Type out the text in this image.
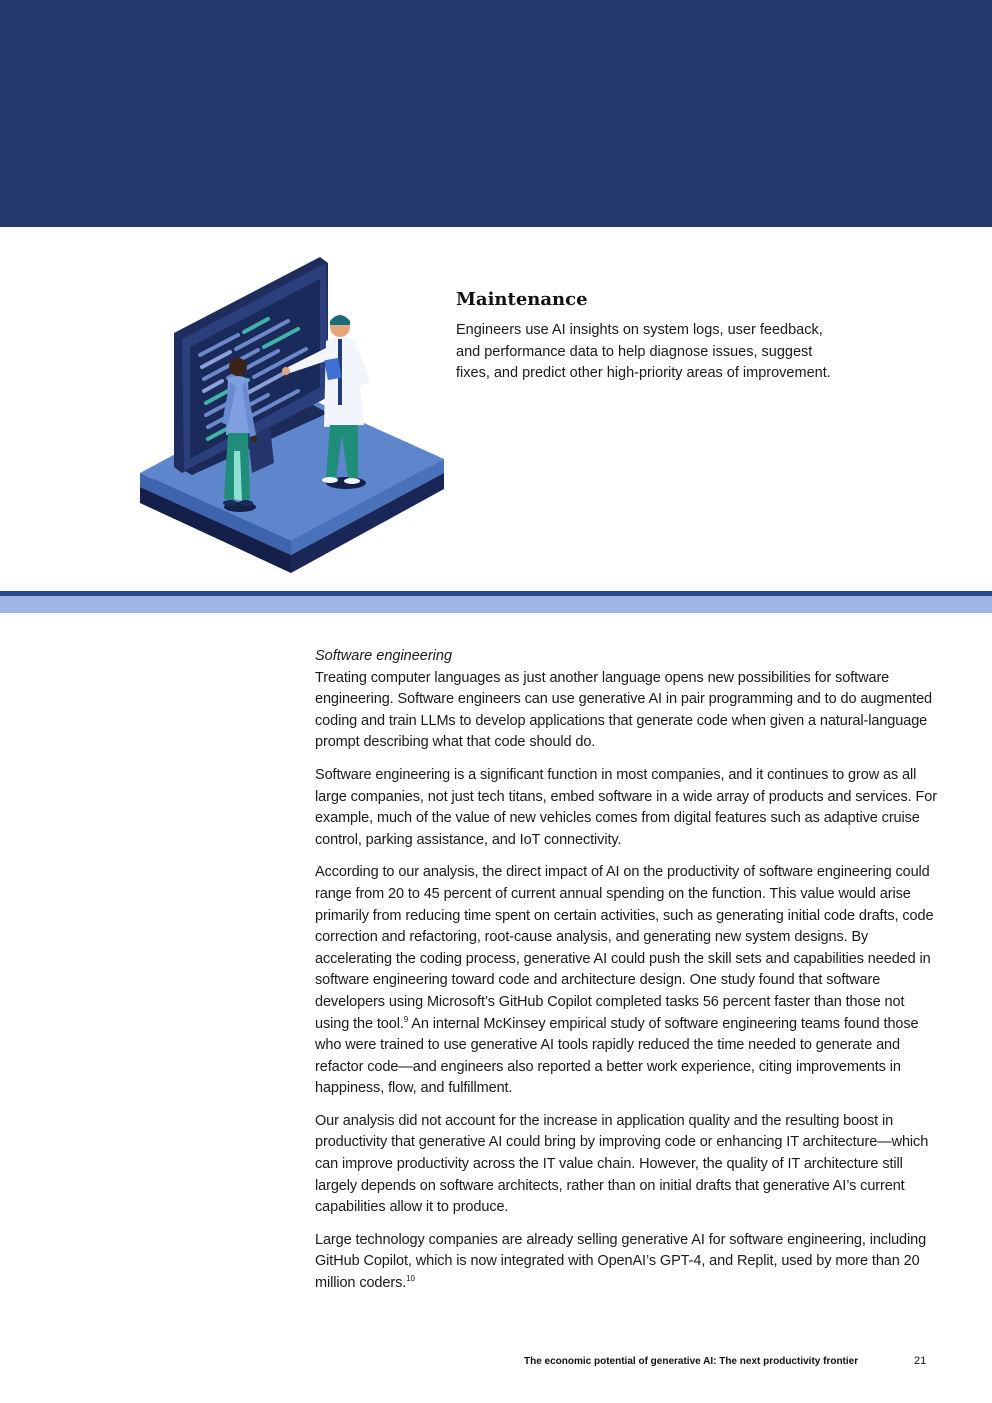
Maintenance

Engineers use AI insights on system logs, user feedback, and performance data to help diagnose issues, suggest fixes, and predict other high-priority areas of improvement.

Software engineering

Treating computer languages as just another language opens new possibilities for software engineering. Software engineers can use generative AI in pair programming and to do augmented coding and train LLMs to develop applications that generate code when given a natural-language prompt describing what that code should do.

Software engineering is a significant function in most companies, and it continues to grow as all large companies, not just tech titans, embed software in a wide array of products and services. For example, much of the value of new vehicles comes from digital features such as adaptive cruise control, parking assistance, and IoT connectivity.

According to our analysis, the direct impact of AI on the productivity of software engineering could range from 20 to 45 percent of current annual spending on the function. This value would arise primarily from reducing time spent on certain activities, such as generating initial code drafts, code correction and refactoring, root-cause analysis, and generating new system designs. By accelerating the coding process, generative AI could push the skill sets and capabilities needed in software engineering toward code and architecture design. One study found that software developers using Microsoft’s GitHub Copilot completed tasks 56 percent faster than those not using the tool.$^9$ An internal McKinsey empirical study of software engineering teams found those who were trained to use generative AI tools rapidly reduced the time needed to generate and refactor code—and engineers also reported a better work experience, citing improvements in happiness, flow, and fulfillment.

Our analysis did not account for the increase in application quality and the resulting boost in productivity that generative AI could bring by improving code or enhancing IT architecture—which can improve productivity across the IT value chain. However, the quality of IT architecture still largely depends on software architects, rather than on initial drafts that generative AI’s current capabilities allow it to produce.

Large technology companies are already selling generative AI for software engineering, including GitHub Copilot, which is now integrated with OpenAI’s GPT-4, and Replit, used by more than 20 million coders.$^{10}$

The economic potential of generative AI: The next productivity frontier	21
